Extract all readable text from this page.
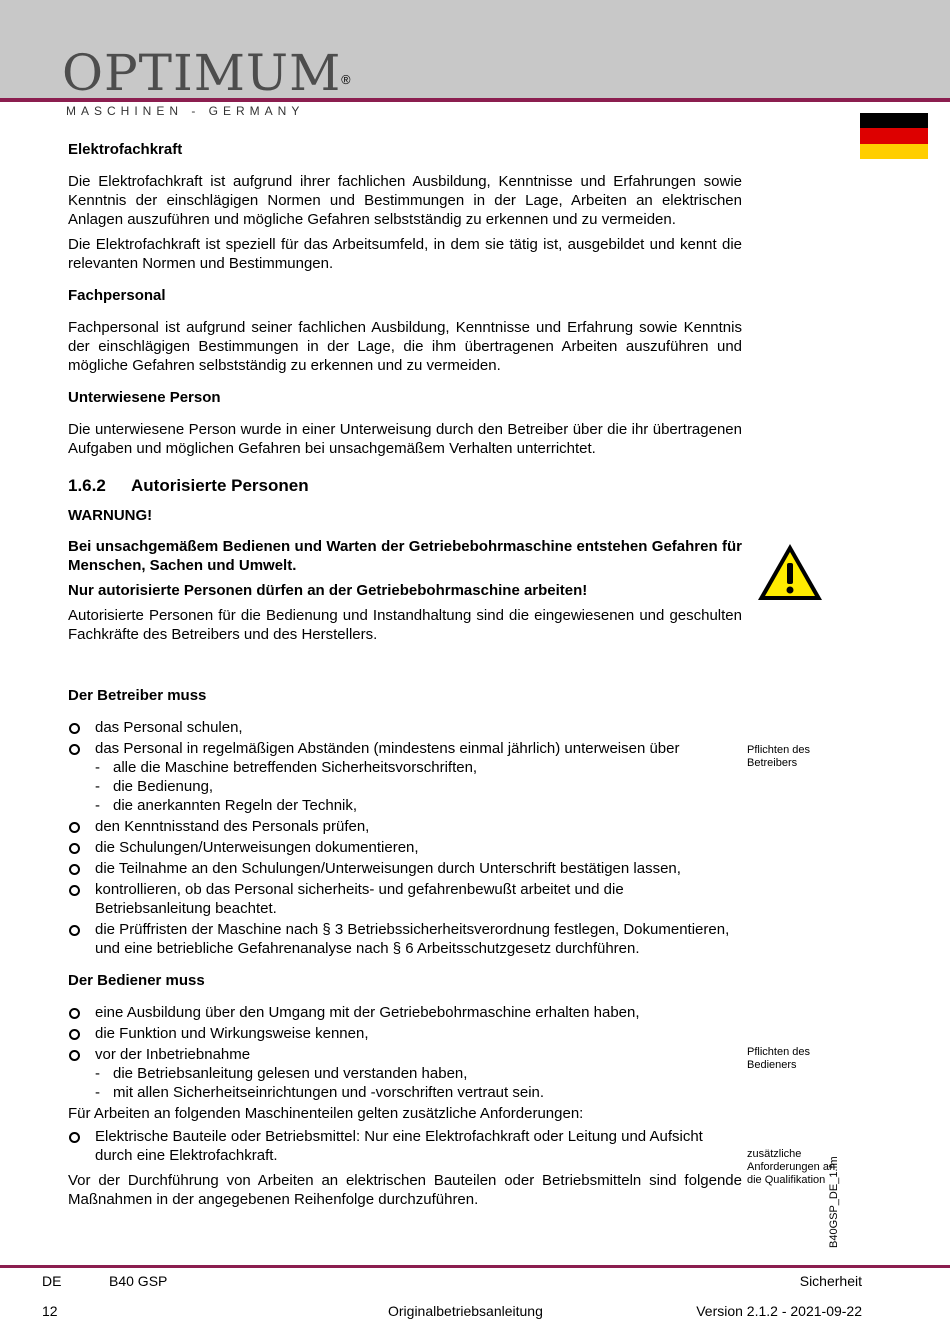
OPTIMUM®
MASCHINEN - GERMANY
Elektrofachkraft
Die Elektrofachkraft ist aufgrund ihrer fachlichen Ausbildung, Kenntnisse und Erfahrungen sowie Kenntnis der einschlägigen Normen und Bestimmungen in der Lage, Arbeiten an elektrischen Anlagen auszuführen und mögliche Gefahren selbstständig zu erkennen und zu vermeiden.
Die Elektrofachkraft ist speziell für das Arbeitsumfeld, in dem sie tätig ist, ausgebildet und kennt die relevanten Normen und Bestimmungen.
Fachpersonal
Fachpersonal ist aufgrund seiner fachlichen Ausbildung, Kenntnisse und Erfahrung sowie Kenntnis der einschlägigen Bestimmungen in der Lage, die ihm übertragenen Arbeiten auszuführen und mögliche Gefahren selbstständig zu erkennen und zu vermeiden.
Unterwiesene Person
Die unterwiesene Person wurde in einer Unterweisung durch den Betreiber über die ihr übertragenen Aufgaben und möglichen Gefahren bei unsachgemäßem Verhalten unterrichtet.
1.6.2 Autorisierte Personen
WARNUNG!
Bei unsachgemäßem Bedienen und Warten der Getriebebohrmaschine entstehen Gefahren für Menschen, Sachen und Umwelt.
Nur autorisierte Personen dürfen an der Getriebebohrmaschine arbeiten!
Autorisierte Personen für die Bedienung und Instandhaltung sind die eingewiesenen und geschulten Fachkräfte des Betreibers und des Herstellers.
Der Betreiber muss
das Personal schulen,
das Personal in regelmäßigen Abständen (mindestens einmal jährlich) unterweisen über
- alle die Maschine betreffenden Sicherheitsvorschriften,
- die Bedienung,
- die anerkannten Regeln der Technik,
den Kenntnisstand des Personals prüfen,
die Schulungen/Unterweisungen dokumentieren,
die Teilnahme an den Schulungen/Unterweisungen durch Unterschrift bestätigen lassen,
kontrollieren, ob das Personal sicherheits- und gefahrenbewußt arbeitet und die Betriebsanleitung beachtet.
die Prüffristen der Maschine nach § 3 Betriebssicherheitsverordnung festlegen, Dokumentieren, und eine betriebliche Gefahrenanalyse nach § 6 Arbeitsschutzgesetz durchführen.
Der Bediener muss
eine Ausbildung über den Umgang mit der Getriebebohrmaschine erhalten haben,
die Funktion und Wirkungsweise kennen,
vor der Inbetriebnahme
- die Betriebsanleitung gelesen und verstanden haben,
- mit allen Sicherheitseinrichtungen und -vorschriften vertraut sein.
Für Arbeiten an folgenden Maschinenteilen gelten zusätzliche Anforderungen:
Elektrische Bauteile oder Betriebsmittel: Nur eine Elektrofachkraft oder Leitung und Aufsicht durch eine Elektrofachkraft.
Vor der Durchführung von Arbeiten an elektrischen Bauteilen oder Betriebsmitteln sind folgende Maßnahmen in der angegebenen Reihenfolge durchzuführen.
Pflichten des
Betreibers
Pflichten des
Bedieners
zusätzliche
Anforderungen an
die Qualifikation B40GSP_DE_1.fm
DE	B40 GSP	Sicherheit
12	Originalbetriebsanleitung	Version 2.1.2 - 2021-09-22
